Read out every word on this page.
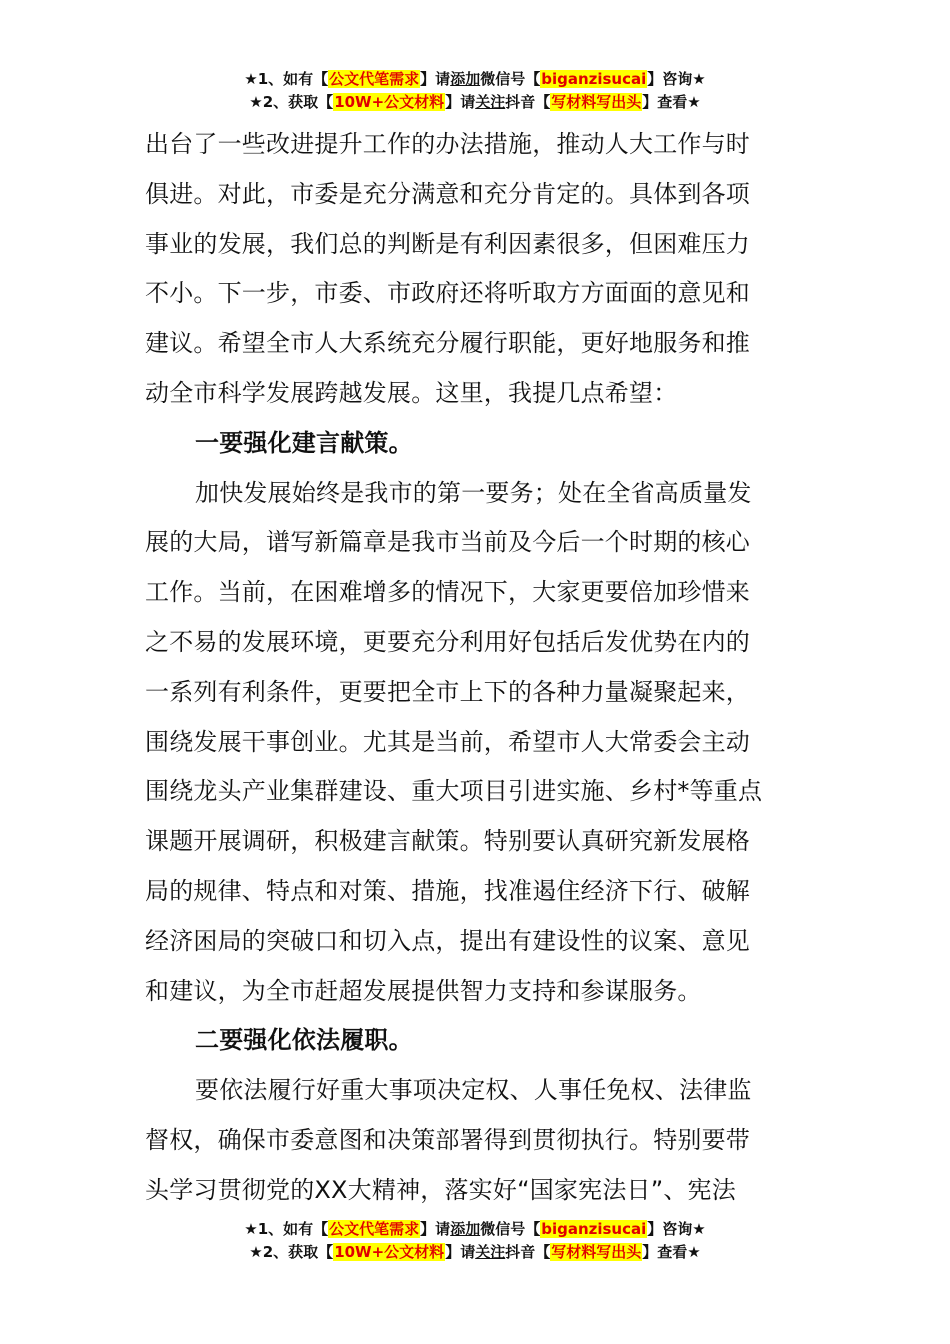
★1、如有【公文代笔需求】请添加微信号【biganzisucai】咨询★
★2、获取【10W+公文材料】请关注抖音【写材料写出头】查看★

出台了一些改进提升工作的办法措施，推动人大工作与时
俱进。对此，市委是充分满意和充分肯定的。具体到各项
事业的发展，我们总的判断是有利因素很多，但困难压力
不小。下一步，市委、市政府还将听取方方面面的意见和
建议。希望全市人大系统充分履行职能，更好地服务和推
动全市科学发展跨越发展。这里，我提几点希望：

一要强化建言献策。

加快发展始终是我市的第一要务；处在全省高质量发

展的大局，谱写新篇章是我市当前及今后一个时期的核心
工作。当前，在困难增多的情况下，大家更要倍加珍惜来
之不易的发展环境，更要充分利用好包括后发优势在内的
一系列有利条件，更要把全市上下的各种力量凝聚起来，
围绕发展干事创业。尤其是当前，希望市人大常委会主动
围绕龙头产业集群建设、重大项目引进实施、乡村*等重点
课题开展调研，积极建言献策。特别要认真研究新发展格
局的规律、特点和对策、措施，找准遏住经济下行、破解
经济困局的突破口和切入点，提出有建设性的议案、意见
和建议，为全市赶超发展提供智力支持和参谋服务。

二要强化依法履职。

要依法履行好重大事项决定权、人事任免权、法律监

督权，确保市委意图和决策部署得到贯彻执行。特别要带
头学习贯彻党的XX大精神，落实好“国家宪法日”、宪法

★1、如有【公文代笔需求】请添加微信号【biganzisucai】咨询★
★2、获取【10W+公文材料】请关注抖音【写材料写出头】查看★
